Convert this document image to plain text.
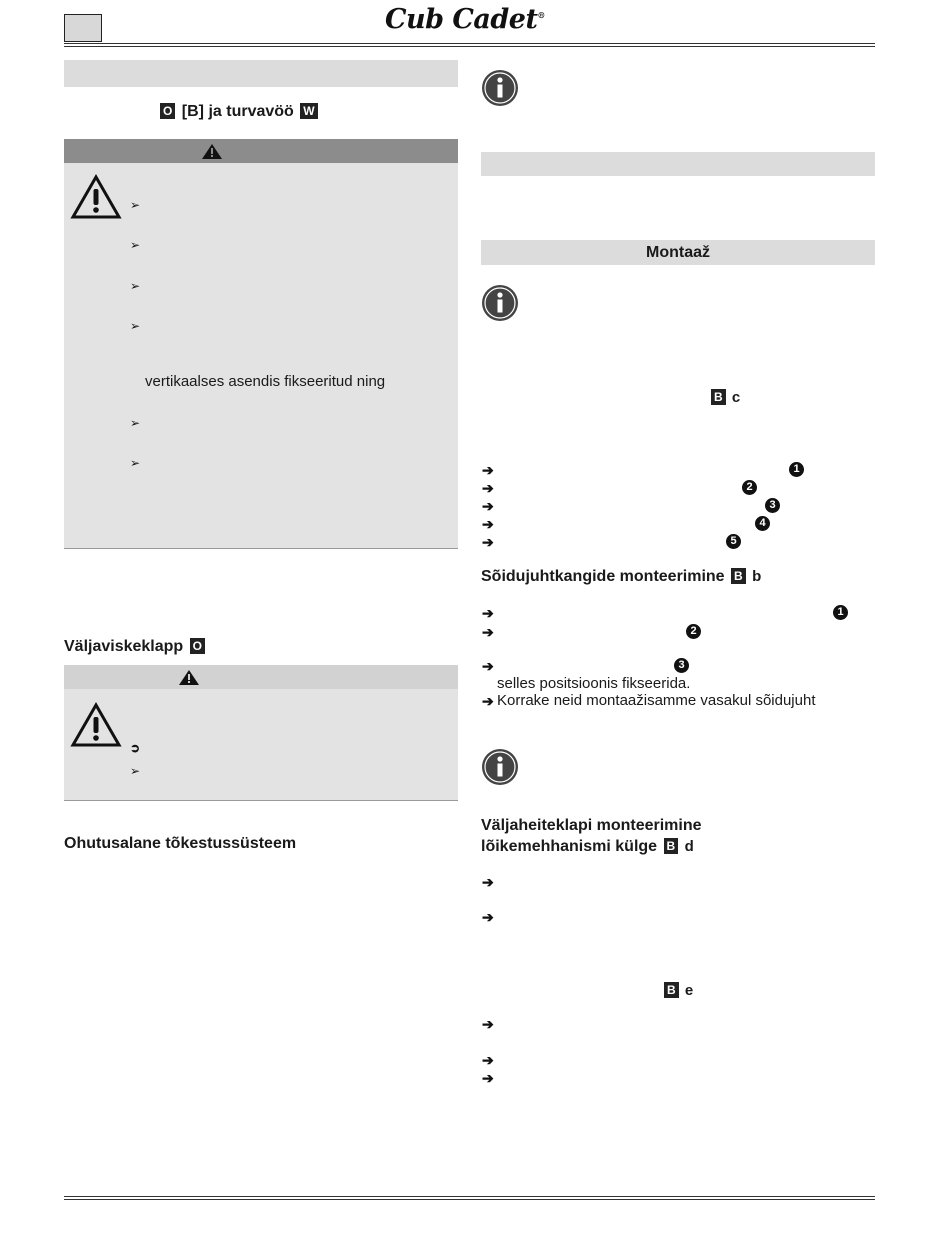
Cub Cadet®
O [B] ja turvavöö W
➢
➢
➢
➢
vertikaalses asendis fikseeritud ning
➢
➢
Väljaviskeklapp O
➲
➢
Ohutusalane tõkestussüsteem
Montaaž
B c
➔	1
➔	2
➔	3
➔	4
➔	5
Sõidujuhtkangide monteerimine B b
➔	1
➔	2
➔	3
selles positsioonis fikseerida.
➔ Korrake neid montaažisamme vasakul sõidujuht
Väljaheiteklapi monteerimine
lõikemehhanismi külge B d
➔
➔
B e
➔
➔
➔
